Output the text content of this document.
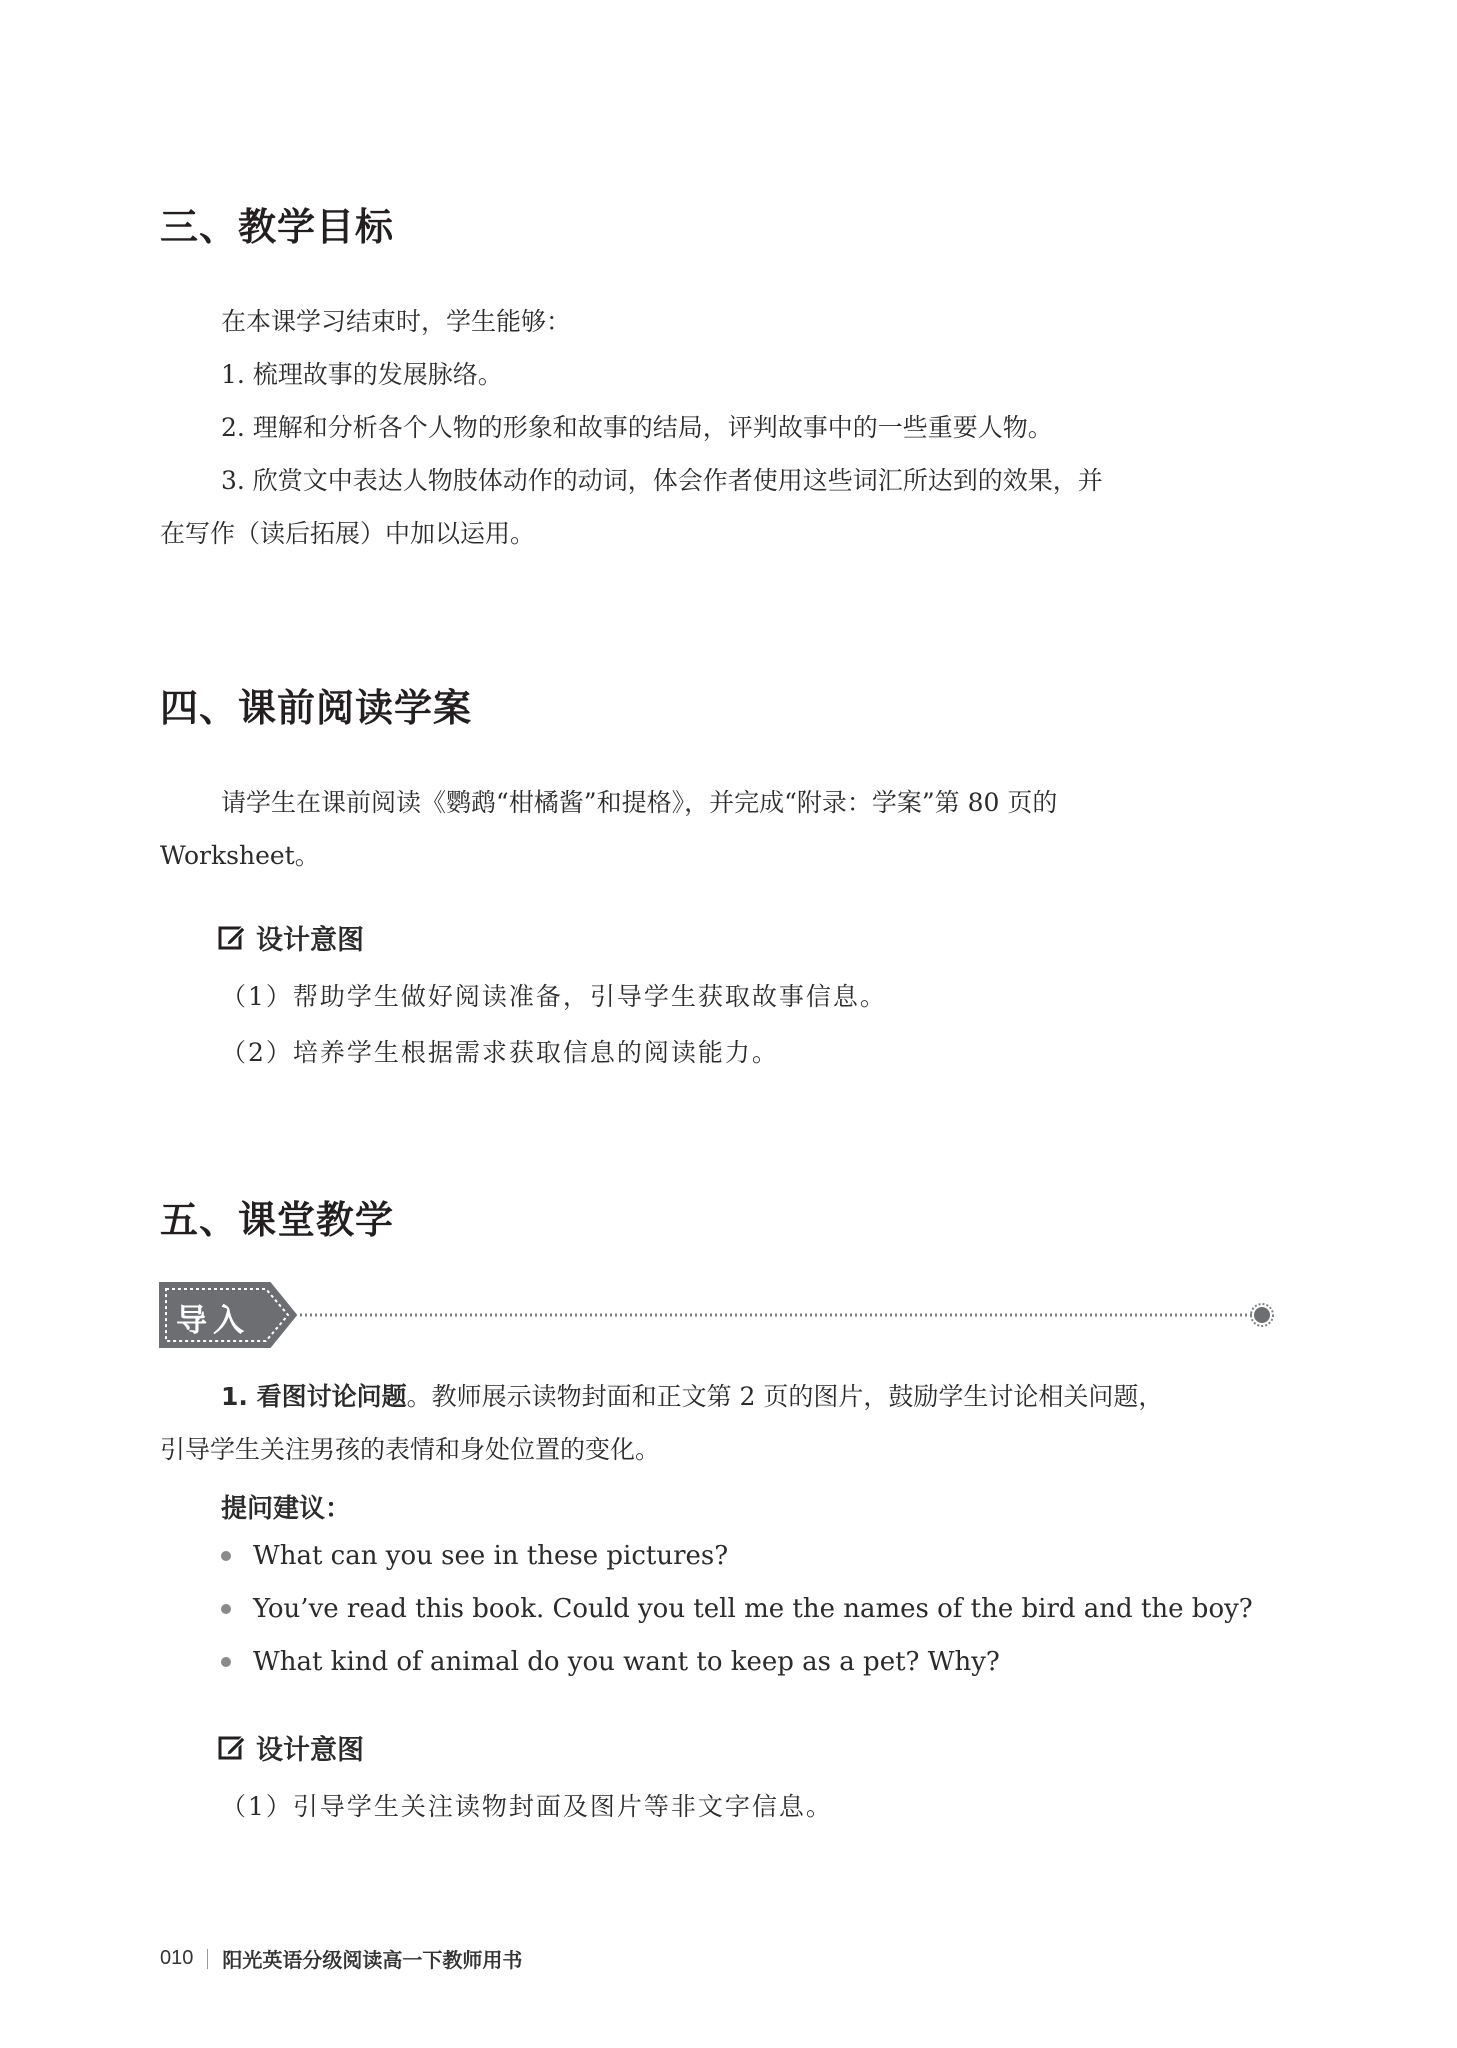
三、教学目标
在本课学习结束时，学生能够：
1. 梳理故事的发展脉络。
2. 理解和分析各个人物的形象和故事的结局，评判故事中的一些重要人物。
3. 欣赏文中表达人物肢体动作的动词，体会作者使用这些词汇所达到的效果，并
在写作（读后拓展）中加以运用。
四、课前阅读学案
请学生在课前阅读《鹦鹉“柑橘酱”和提格》，并完成“附录：学案”第 80 页的
Worksheet。
设计意图
（1）帮助学生做好阅读准备，引导学生获取故事信息。
（2）培养学生根据需求获取信息的阅读能力。
五、课堂教学
导入
1. 看图讨论问题。教师展示读物封面和正文第 2 页的图片，鼓励学生讨论相关问题，
引导学生关注男孩的表情和身处位置的变化。
提问建议：
What can you see in these pictures?
You’ve read this book. Could you tell me the names of the bird and the boy?
What kind of animal do you want to keep as a pet? Why?
设计意图
（1）引导学生关注读物封面及图片等非文字信息。
010 阳光英语分级阅读高一下教师用书
